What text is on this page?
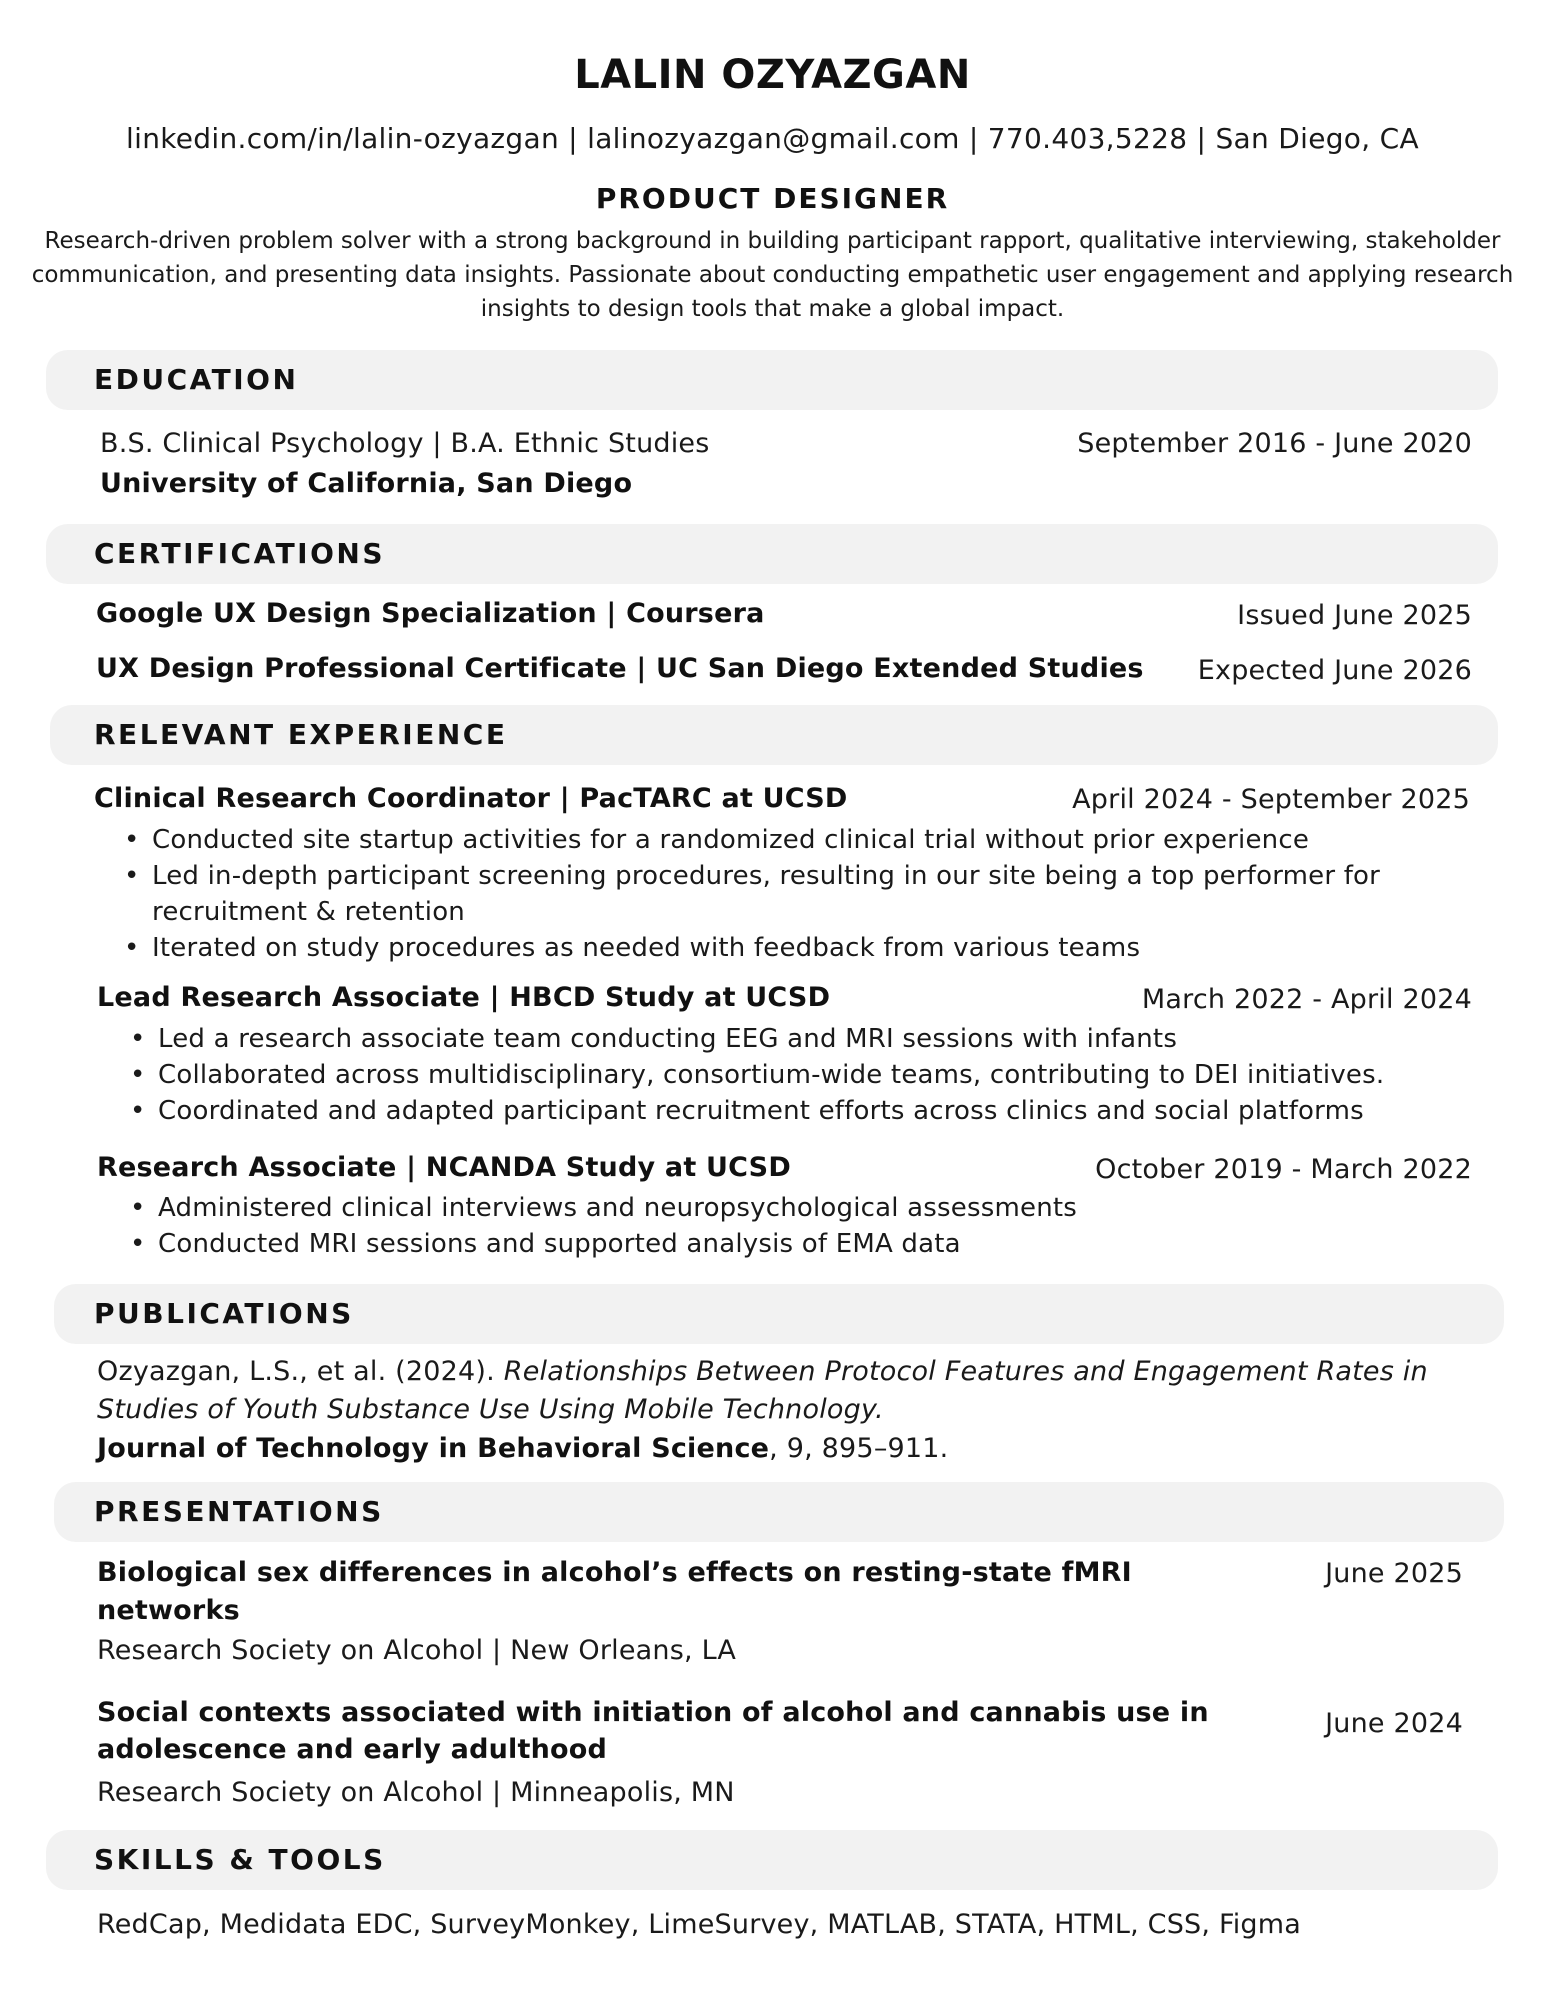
LALIN OZYAZGAN
linkedin.com/in/lalin-ozyazgan | lalinozyazgan@gmail.com | 770.403,5228 | San Diego, CA
PRODUCT DESIGNER
Research-driven problem solver with a strong background in building participant rapport, qualitative interviewing, stakeholder communication, and presenting data insights. Passionate about conducting empathetic user engagement and applying research insights to design tools that make a global impact.
EDUCATION
B.S. Clinical Psychology | B.A. Ethnic Studies	September 2016 - June 2020
University of California, San Diego
CERTIFICATIONS
Google UX Design Specialization | Coursera	Issued June 2025
UX Design Professional Certificate | UC San Diego Extended Studies Expected June 2026
RELEVANT EXPERIENCE
Clinical Research Coordinator | PacTARC at UCSD	April 2024 - September 2025
• Conducted site startup activities for a randomized clinical trial without prior experience
• Led in-depth participant screening procedures, resulting in our site being a top performer for recruitment & retention
• Iterated on study procedures as needed with feedback from various teams
Lead Research Associate | HBCD Study at UCSD	March 2022 - April 2024
• Led a research associate team conducting EEG and MRI sessions with infants
• Collaborated across multidisciplinary, consortium-wide teams, contributing to DEI initiatives.
• Coordinated and adapted participant recruitment efforts across clinics and social platforms
Research Associate | NCANDA Study at UCSD	October 2019 - March 2022
• Administered clinical interviews and neuropsychological assessments
• Conducted MRI sessions and supported analysis of EMA data
PUBLICATIONS
Ozyazgan, L.S., et al. (2024). Relationships Between Protocol Features and Engagement Rates in
Studies of Youth Substance Use Using Mobile Technology.
Journal of Technology in Behavioral Science, 9, 895–911.
PRESENTATIONS
Biological sex differences in alcohol’s effects on resting-state fMRI
networks
June 2025
Research Society on Alcohol | New Orleans, LA
Social contexts associated with initiation of alcohol and cannabis use in
adolescence and early adulthood
June 2024
Research Society on Alcohol | Minneapolis, MN
SKILLS & TOOLS
RedCap, Medidata EDC, SurveyMonkey, LimeSurvey, MATLAB, STATA, HTML, CSS, Figma
